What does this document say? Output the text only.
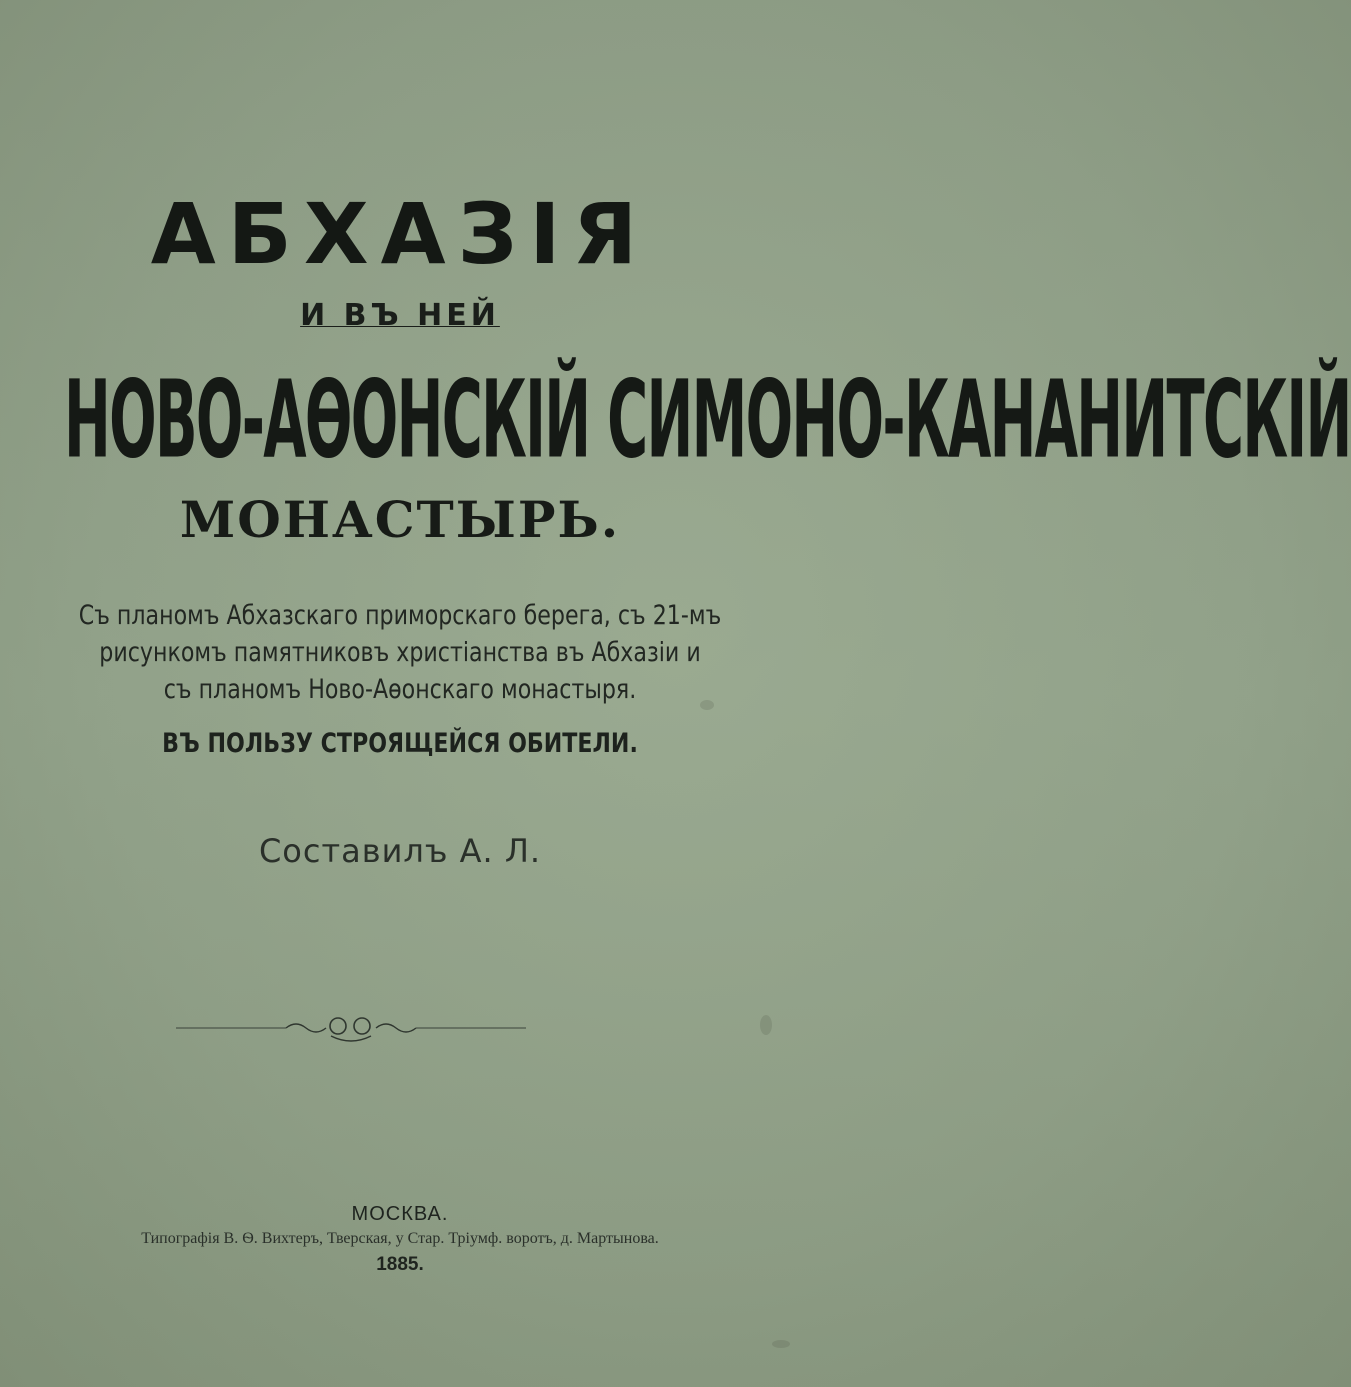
АБХАЗІЯ
И ВЪ НЕЙ
НОВО-АѲОНСКІЙ СИМОНО-КАНАНИТСКІЙ
МОНАСТЫРЬ.
Съ планомъ Абхазскаго приморскаго берега, съ 21-мъ
рисункомъ памятниковъ христіанства въ Абхазіи и
съ планомъ Ново-Аѳонскаго монастыря.
ВЪ ПОЛЬЗУ СТРОЯЩЕЙСЯ ОБИТЕЛИ.
Составилъ А. Л.
МОСКВА.
Типографія В. Ѳ. Вихтеръ, Тверская, у Стар. Тріумф. воротъ, д. Мартынова.
1885.
